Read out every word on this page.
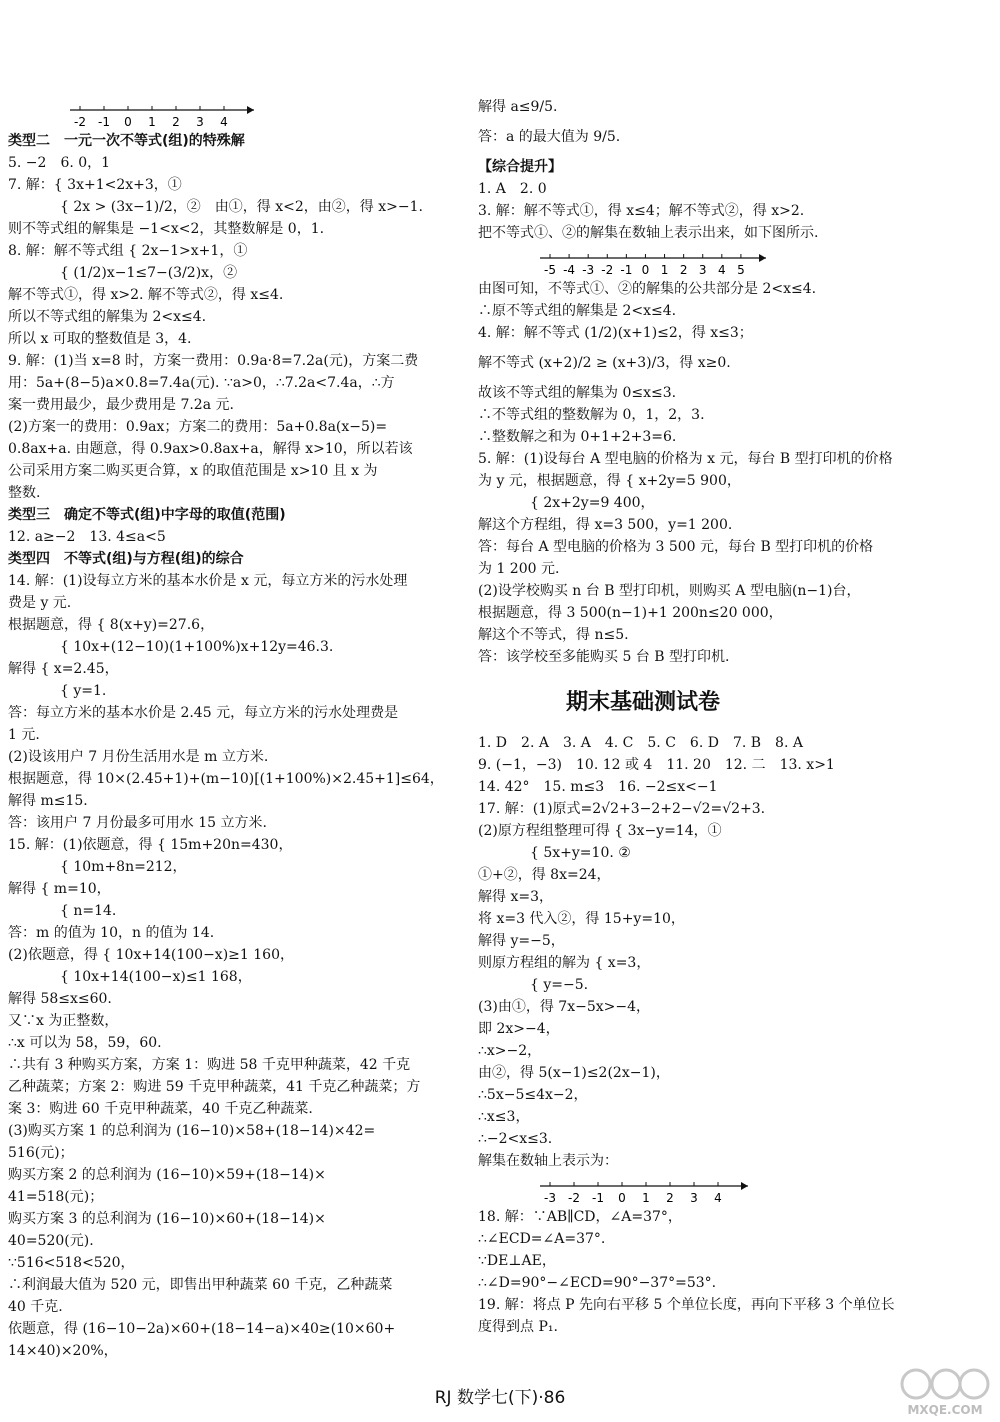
-2 -1 0 1 2 3 4
类型二　一元一次不等式(组)的特殊解
5. −2　6. 0，1
7. 解：{ 3x+1<2x+3，①
{ 2x > (3x−1)/2，②　由①，得 x<2，由②，得 x>−1.
则不等式组的解集是 −1<x<2，其整数解是 0，1.
8. 解：解不等式组 { 2x−1>x+1，①
{ (1/2)x−1≤7−(3/2)x，②
解不等式①，得 x>2. 解不等式②，得 x≤4.
所以不等式组的解集为 2<x≤4.
所以 x 可取的整数值是 3，4.
9. 解：(1)当 x=8 时，方案一费用：0.9a·8=7.2a(元)，方案二费
用：5a+(8−5)a×0.8=7.4a(元). ∵a>0，∴7.2a<7.4a，∴方
案一费用最少，最少费用是 7.2a 元.
(2)方案一的费用：0.9ax；方案二的费用：5a+0.8a(x−5)=
0.8ax+a. 由题意，得 0.9ax>0.8ax+a，解得 x>10，所以若该
公司采用方案二购买更合算，x 的取值范围是 x>10 且 x 为
整数.
类型三　确定不等式(组)中字母的取值(范围)
12. a≥−2　13. 4≤a<5
类型四　不等式(组)与方程(组)的综合
14. 解：(1)设每立方米的基本水价是 x 元，每立方米的污水处理
费是 y 元.
根据题意，得 { 8(x+y)=27.6，
{ 10x+(12−10)(1+100%)x+12y=46.3.
解得 { x=2.45，
{ y=1.
答：每立方米的基本水价是 2.45 元，每立方米的污水处理费是
1 元.
(2)设该用户 7 月份生活用水是 m 立方米.
根据题意，得 10×(2.45+1)+(m−10)[(1+100%)×2.45+1]≤64，
解得 m≤15.
答：该用户 7 月份最多可用水 15 立方米.
15. 解：(1)依题意，得 { 15m+20n=430，
{ 10m+8n=212，
解得 { m=10，
{ n=14.
答：m 的值为 10，n 的值为 14.
(2)依题意，得 { 10x+14(100−x)≥1 160，
{ 10x+14(100−x)≤1 168，
解得 58≤x≤60.
又∵x 为正整数，
∴x 可以为 58，59，60.
∴共有 3 种购买方案，方案 1：购进 58 千克甲种蔬菜，42 千克
乙种蔬菜；方案 2：购进 59 千克甲种蔬菜，41 千克乙种蔬菜；方
案 3：购进 60 千克甲种蔬菜，40 千克乙种蔬菜.
(3)购买方案 1 的总利润为 (16−10)×58+(18−14)×42=
516(元)；
购买方案 2 的总利润为 (16−10)×59+(18−14)×
41=518(元)；
购买方案 3 的总利润为 (16−10)×60+(18−14)×
40=520(元).
∵516<518<520，
∴利润最大值为 520 元，即售出甲种蔬菜 60 千克，乙种蔬菜
40 千克.
依题意，得 (16−10−2a)×60+(18−14−a)×40≥(10×60+
14×40)×20%，
解得 a≤9/5.
答：a 的最大值为 9/5.
【综合提升】
1. A　2. 0
3. 解：解不等式①，得 x≤4；解不等式②，得 x>2.
把不等式①、②的解集在数轴上表示出来，如下图所示.
-5 -4 -3 -2 -1 0 1 2 3 4 5
由图可知，不等式①、②的解集的公共部分是 2<x≤4.
∴原不等式组的解集是 2<x≤4.
4. 解：解不等式 (1/2)(x+1)≤2，得 x≤3；
解不等式 (x+2)/2 ≥ (x+3)/3，得 x≥0.
故该不等式组的解集为 0≤x≤3.
∴不等式组的整数解为 0，1，2，3.
∴整数解之和为 0+1+2+3=6.
5. 解：(1)设每台 A 型电脑的价格为 x 元，每台 B 型打印机的价格
为 y 元，根据题意，得 { x+2y=5 900，
{ 2x+2y=9 400，
解这个方程组，得 x=3 500，y=1 200.
答：每台 A 型电脑的价格为 3 500 元，每台 B 型打印机的价格
为 1 200 元.
(2)设学校购买 n 台 B 型打印机，则购买 A 型电脑(n−1)台，
根据题意，得 3 500(n−1)+1 200n≤20 000，
解这个不等式，得 n≤5.
答：该学校至多能购买 5 台 B 型打印机.
期末基础测试卷
1. D　2. A　3. A　4. C　5. C　6. D　7. B　8. A
9. (−1，−3)　10. 12 或 4　11. 20　12. 二　13. x>1
14. 42°　15. m≤3　16. −2≤x<−1
17. 解：(1)原式=2√2+3−2+2−√2=√2+3.
(2)原方程组整理可得 { 3x−y=14，①
{ 5x+y=10. ②
①+②，得 8x=24，
解得 x=3，
将 x=3 代入②，得 15+y=10，
解得 y=−5，
则原方程组的解为 { x=3，
{ y=−5.
(3)由①，得 7x−5x>−4，
即 2x>−4，
∴x>−2，
由②，得 5(x−1)≤2(2x−1)，
∴5x−5≤4x−2，
∴x≤3，
∴−2<x≤3.
解集在数轴上表示为：
-3 -2 -1 0 1 2 3 4
18. 解：∵AB∥CD，∠A=37°，
∴∠ECD=∠A=37°.
∵DE⊥AE，
∴∠D=90°−∠ECD=90°−37°=53°.
19. 解：将点 P 先向右平移 5 个单位长度，再向下平移 3 个单位长
度得到点 P₁.
RJ 数学七(下)·86
MXQE.COM
